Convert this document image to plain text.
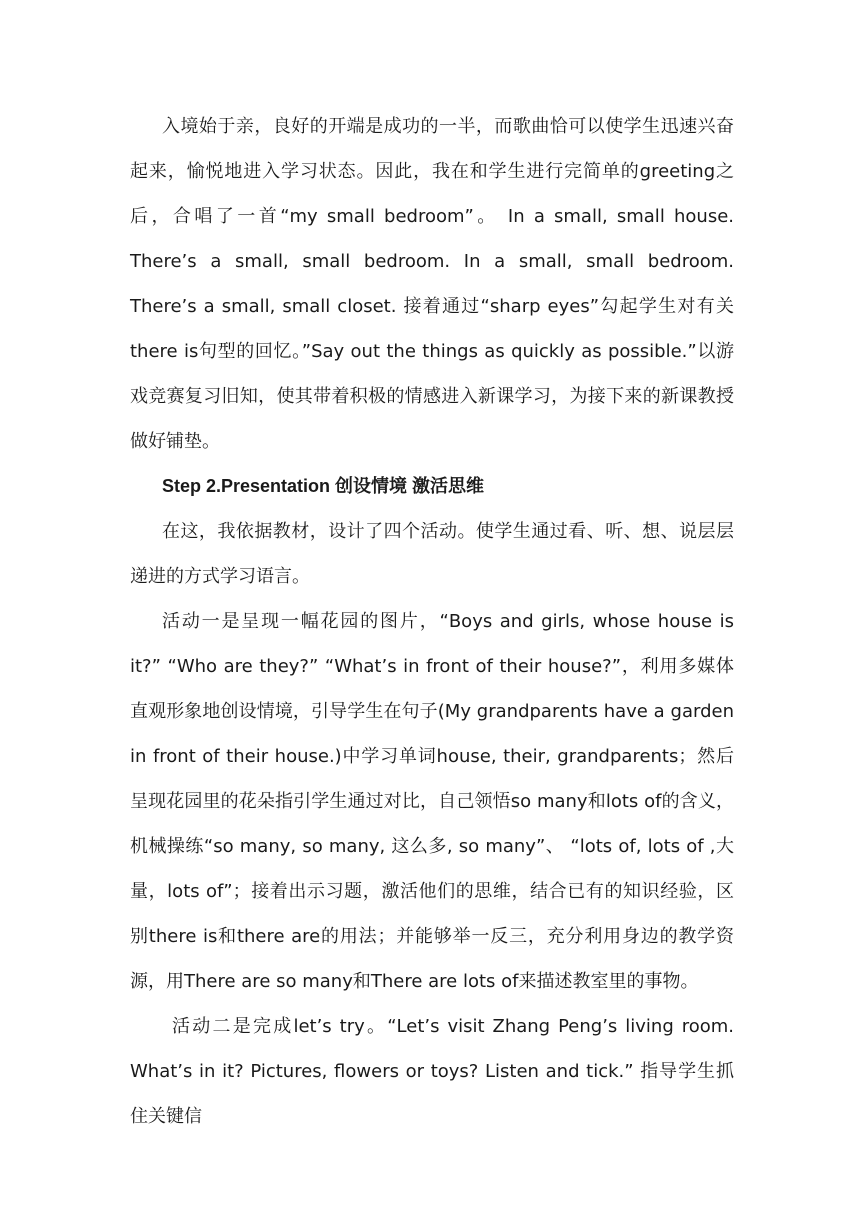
入境始于亲，良好的开端是成功的一半，而歌曲恰可以使学生迅速兴奋起来，愉悦地进入学习状态。因此，我在和学生进行完简单的greeting之后，合唱了一首“my small bedroom”。 In a small, small house. There’s a small, small bedroom. In a small, small bedroom. There’s a small, small closet. 接着通过“sharp eyes”勾起学生对有关there is句型的回忆。”Say out the things as quickly as possible.”以游戏竞赛复习旧知，使其带着积极的情感进入新课学习，为接下来的新课教授做好铺垫。

Step 2.Presentation 创设情境 激活思维

在这，我依据教材，设计了四个活动。使学生通过看、听、想、说层层递进的方式学习语言。

活动一是呈现一幅花园的图片，“Boys and girls, whose house is it?” “Who are they?” “What’s in front of their house?”，利用多媒体直观形象地创设情境，引导学生在句子(My grandparents have a garden in front of their house.)中学习单词house, their, grandparents；然后呈现花园里的花朵指引学生通过对比，自己领悟so many和lots of的含义，机械操练“so many, so many, 这么多, so many”、 “lots of, lots of ,大量，lots of”；接着出示习题，激活他们的思维，结合已有的知识经验，区别there is和there are的用法；并能够举一反三，充分利用身边的教学资源，用There are so many和There are lots of来描述教室里的事物。

活动二是完成let’s try。“Let’s visit Zhang Peng’s living room. What’s in it? Pictures, flowers or toys? Listen and tick.” 指导学生抓住关键信
